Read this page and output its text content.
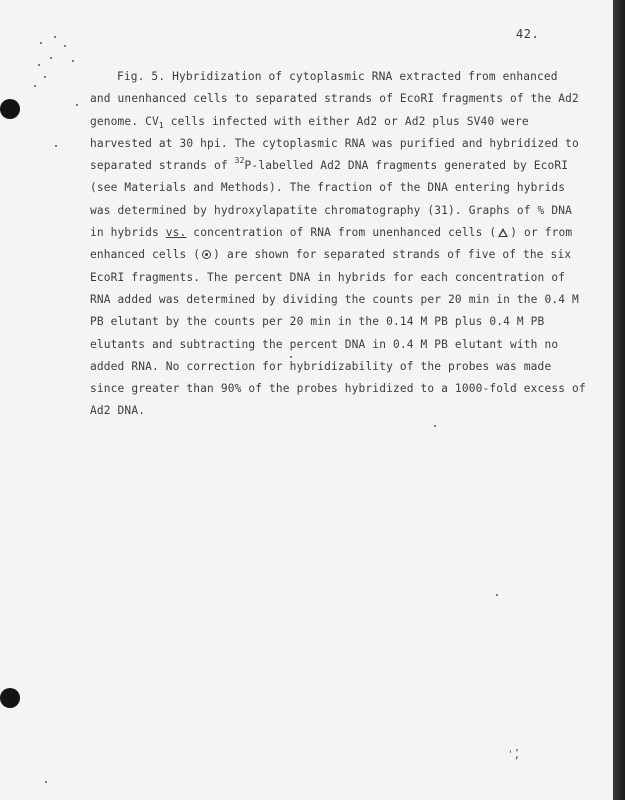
42.
Fig. 5. Hybridization of cytoplasmic RNA extracted from enhanced
and unenhanced cells to separated strands of EcoRI fragments of the Ad2
genome. $CV_1$ cells infected with either Ad2 or Ad2 plus SV40 were
harvested at 30 hpi. The cytoplasmic RNA was purified and hybridized to
separated strands of $^{32}$P-labelled Ad2 DNA fragments generated by EcoRI
(see Materials and Methods). The fraction of the DNA entering hybrids
was determined by hydroxylapatite chromatography (31). Graphs of % DNA
in hybrids vs. concentration of RNA from unenhanced cells ( ) or from
enhanced cells ( ) are shown for separated strands of five of the six
EcoRI fragments. The percent DNA in hybrids for each concentration of
RNA added was determined by dividing the counts per 20 min in the 0.4 M
PB elutant by the counts per 20 min in the 0.14 M PB plus 0.4 M PB
elutants and subtracting the percent DNA in 0.4 M PB elutant with no
added RNA. No correction for hybridizability of the probes was made
since greater than 90% of the probes hybridized to a 1000-fold excess of
Ad2 DNA.
ˈ̓,
